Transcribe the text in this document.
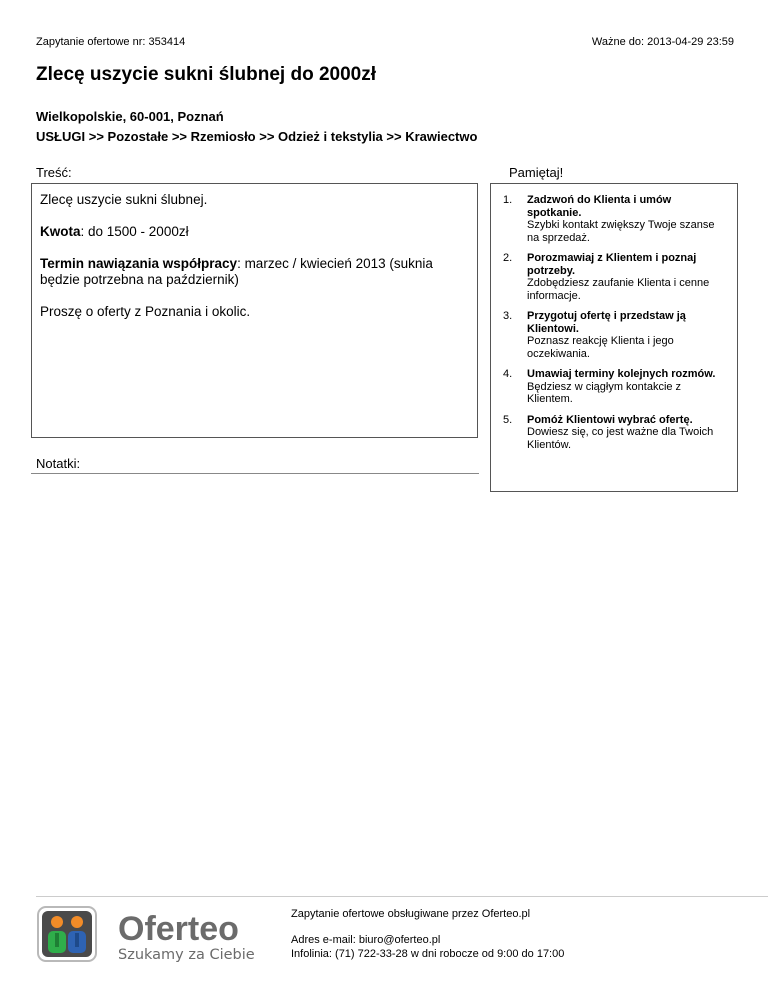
Zapytanie ofertowe nr: 353414	Ważne do: 2013-04-29 23:59
Zlecę uszycie sukni ślubnej do 2000zł
Wielkopolskie, 60-001, Poznań
USŁUGI >> Pozostałe >> Rzemiosło >> Odzież i tekstylia >> Krawiectwo
Treść:

Zlecę uszycie sukni ślubnej.

Kwota: do 1500 - 2000zł

Termin nawiązania współpracy: marzec / kwiecień 2013 (suknia będzie potrzebna na październik)

Proszę o oferty z Poznania i okolic.

Notatki:
Pamiętaj!
1.	Zadzwoń do Klienta i umów spotkanie.
Szybki kontakt zwiększy Twoje szanse na sprzedaż.
2.	Porozmawiaj z Klientem i poznaj potrzeby.
Zdobędziesz zaufanie Klienta i cenne informacje.
3.	Przygotuj ofertę i przedstaw ją Klientowi.
Poznasz reakcję Klienta i jego oczekiwania.
4.	Umawiaj terminy kolejnych rozmów.
Będziesz w ciągłym kontakcie z Klientem.
5.	Pomóż Klientowi wybrać ofertę.
Dowiesz się, co jest ważne dla Twoich Klientów.
Oferteo
Szukamy za Ciebie
Zapytanie ofertowe obsługiwane przez Oferteo.pl
Adres e-mail: biuro@oferteo.pl
Infolinia: (71) 722-33-28 w dni robocze od 9:00 do 17:00
